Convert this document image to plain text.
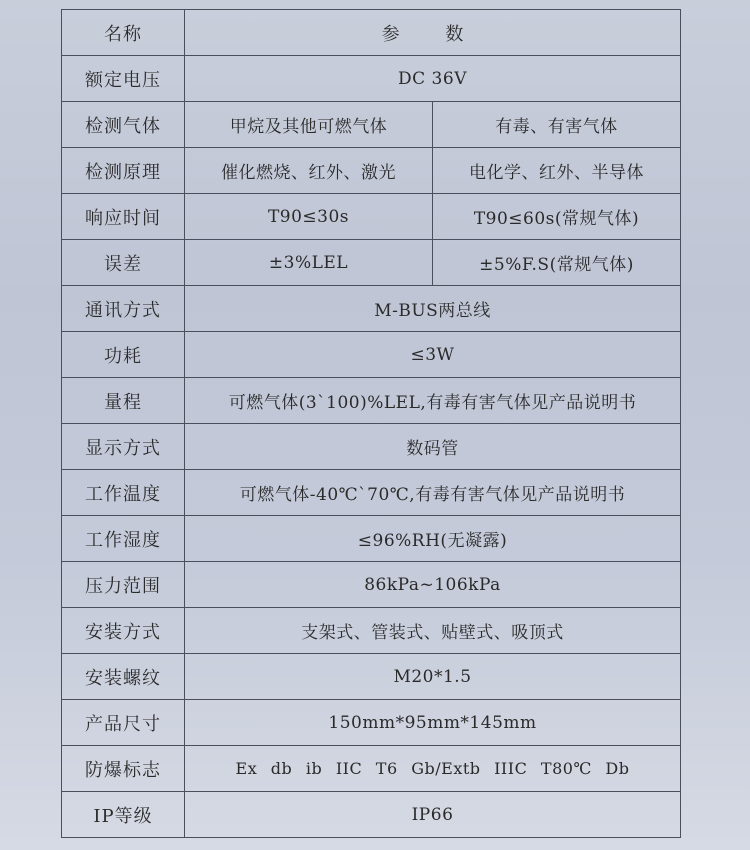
名称	参 数	
额定电压	DC 36V	
检测气体	甲烷及其他可燃气体	有毒、有害气体
检测原理	催化燃烧、红外、激光	电化学、红外、半导体
响应时间	T90≤30s	T90≤60s(常规气体)
误差	±3%LEL	±5%F.S(常规气体)
通讯方式	M-BUS两总线	
功耗	≤3W	
量程	可燃气体(3`100)%LEL,有毒有害气体见产品说明书	
显示方式	数码管	
工作温度	可燃气体-40℃`70℃,有毒有害气体见产品说明书	
工作湿度	≤96%RH(无凝露)	
压力范围	86kPa~106kPa	
安装方式	支架式、管装式、贴壁式、吸顶式	
安装螺纹	M20*1.5	
产品尺寸	150mm*95mm*145mm	
防爆标志	Ex db ib IIC T6 Gb/Extb IIIC T80℃ Db	
IP等级	IP66	
